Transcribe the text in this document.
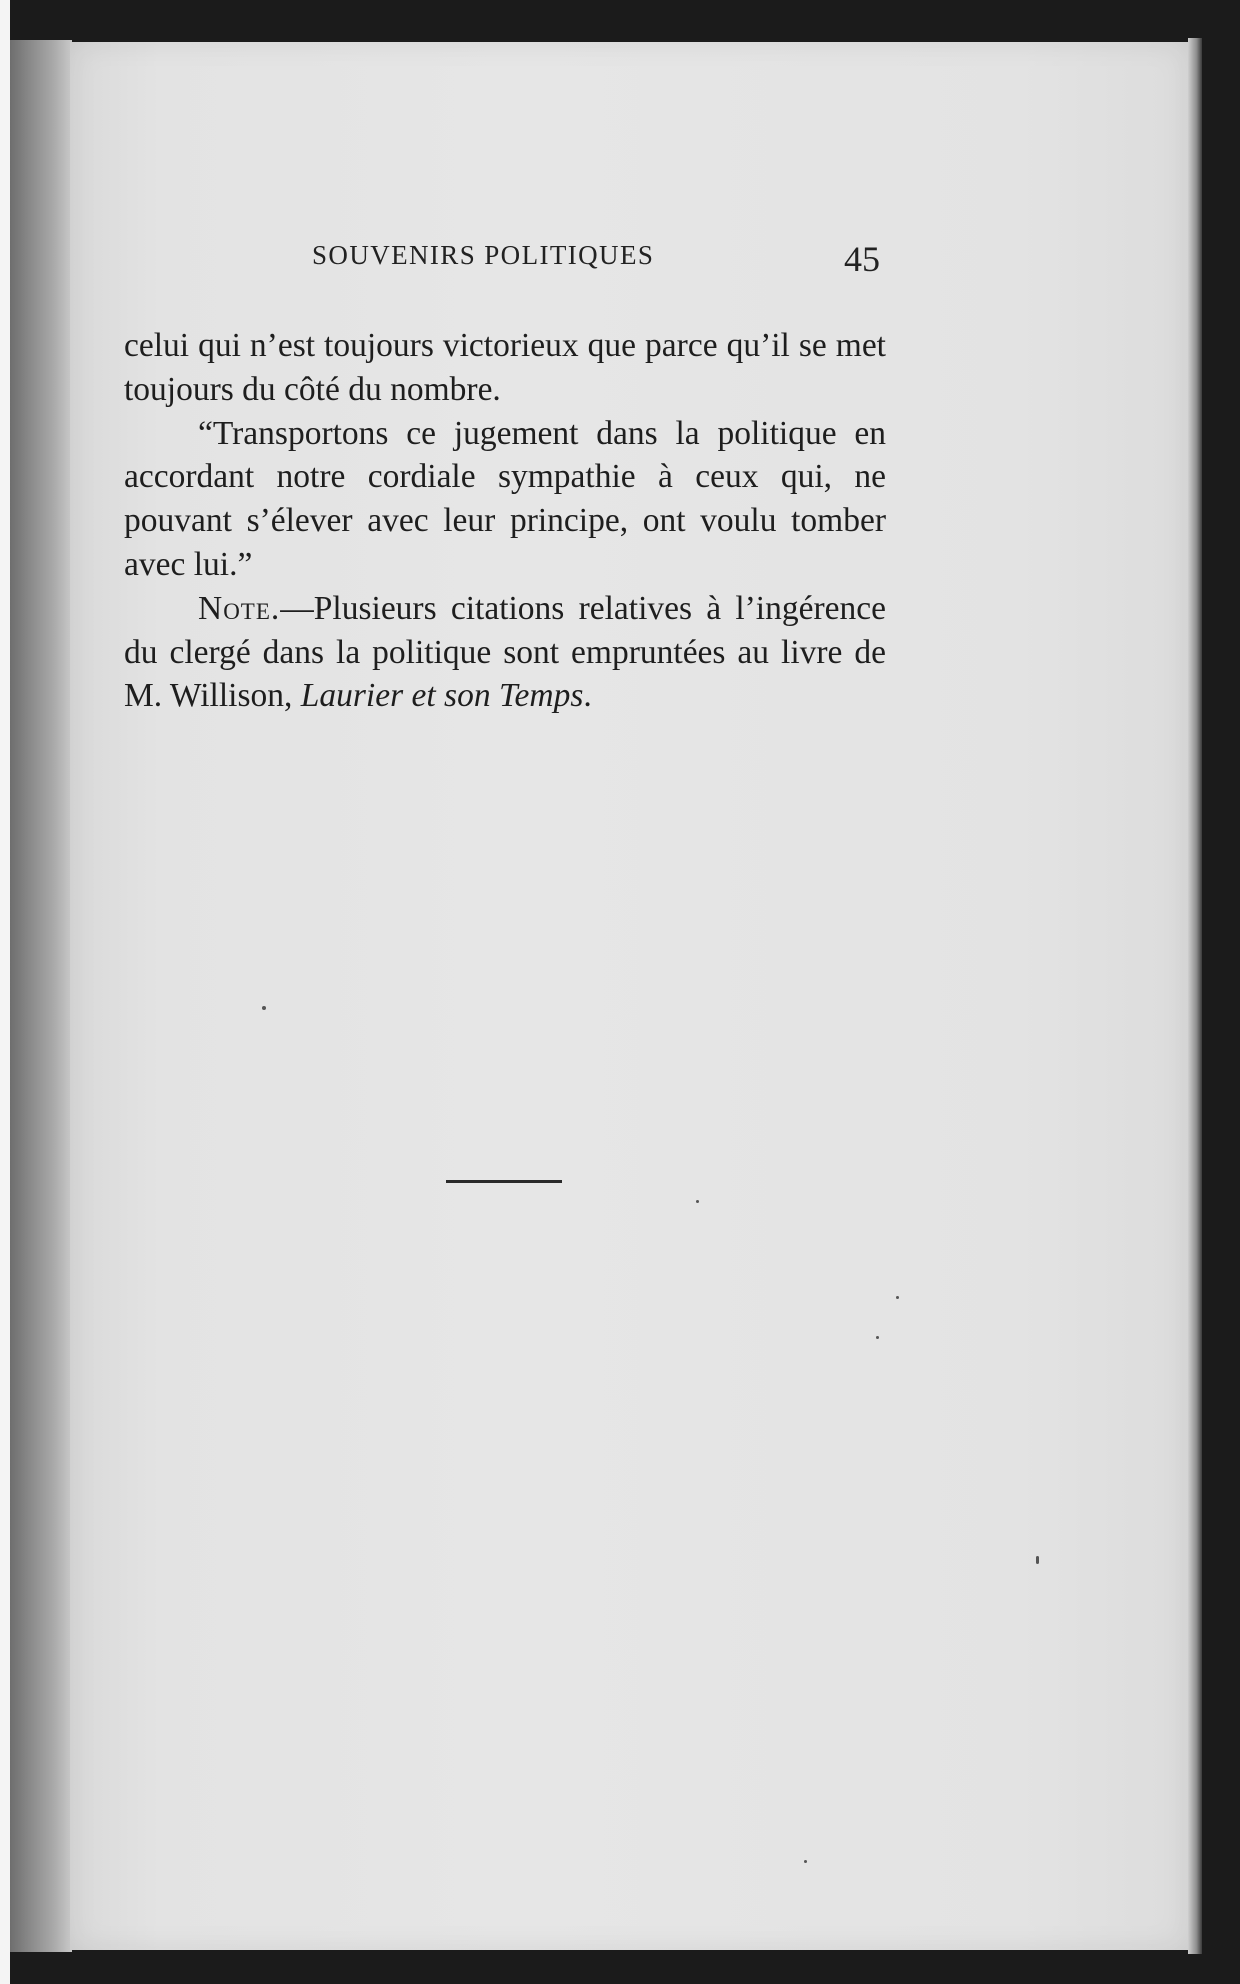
SOUVENIRS POLITIQUES	45

celui qui n’est toujours victorieux que parce qu’il se met toujours du côté du nombre.

“Transportons ce jugement dans la politique en accordant notre cordiale sympathie à ceux qui, ne pouvant s’élever avec leur principe, ont voulu tomber avec lui.”

Note.—Plusieurs citations relatives à l’ingérence du clergé dans la politique sont empruntées au livre de M. Willison, Laurier et son Temps.
